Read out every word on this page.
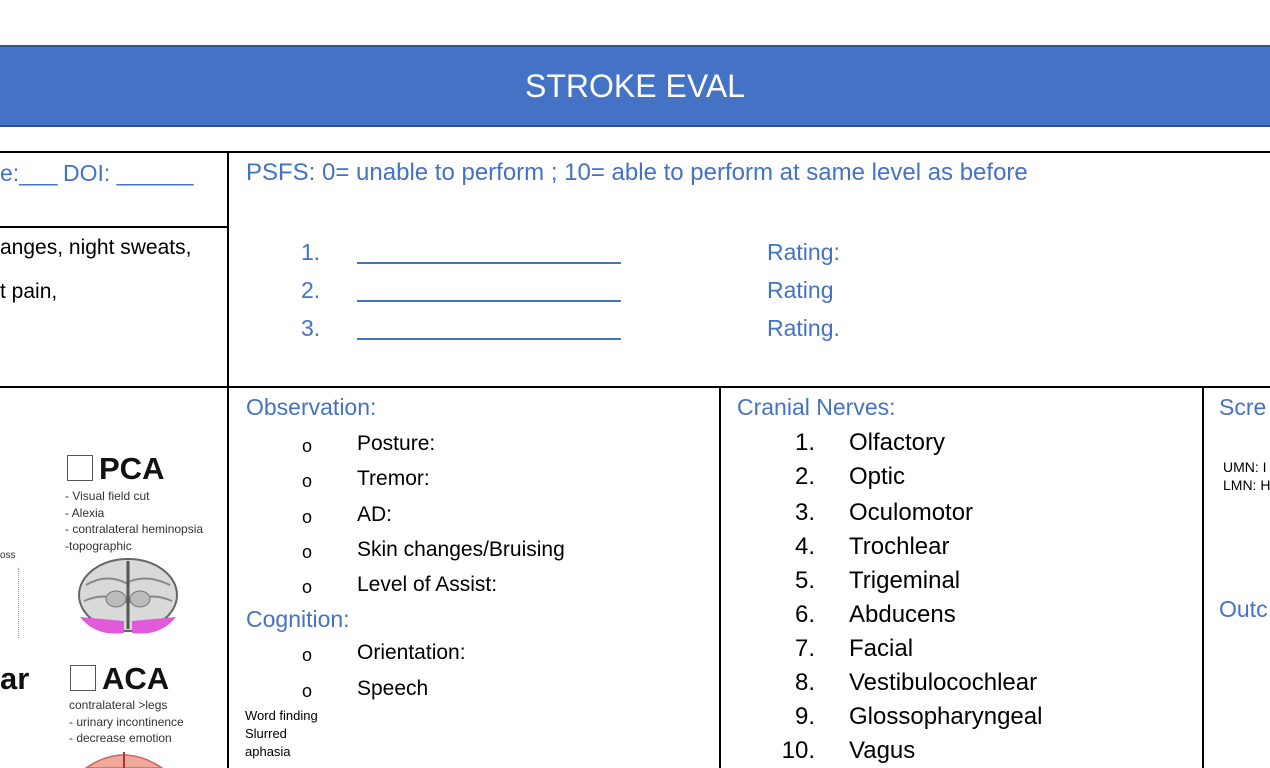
STROKE EVAL
e:___ DOI: ______
anges, night sweats,
t pain,
PSFS: 0= unable to perform ; 10= able to perform at same level as before
1.	Rating:
2.	Rating
3.	Rating.
oss
ar
PCA
- Visual field cut
- Alexia
- contralateral heminopsia
-topographic
ACA
contralateral >legs
- urinary incontinence
- decrease emotion
Observation:
o Posture:
o Tremor:
o AD:
o Skin changes/Bruising
o Level of Assist:
Cognition:
o Orientation:
o Speech
Word finding
Slurred
aphasia
Cranial Nerves:
1. Olfactory
2. Optic
3. Oculomotor
4. Trochlear
5. Trigeminal
6. Abducens
7. Facial
8. Vestibulocochlear
9. Glossopharyngeal
10. Vagus
Scre
UMN: I
LMN: H
Outc
